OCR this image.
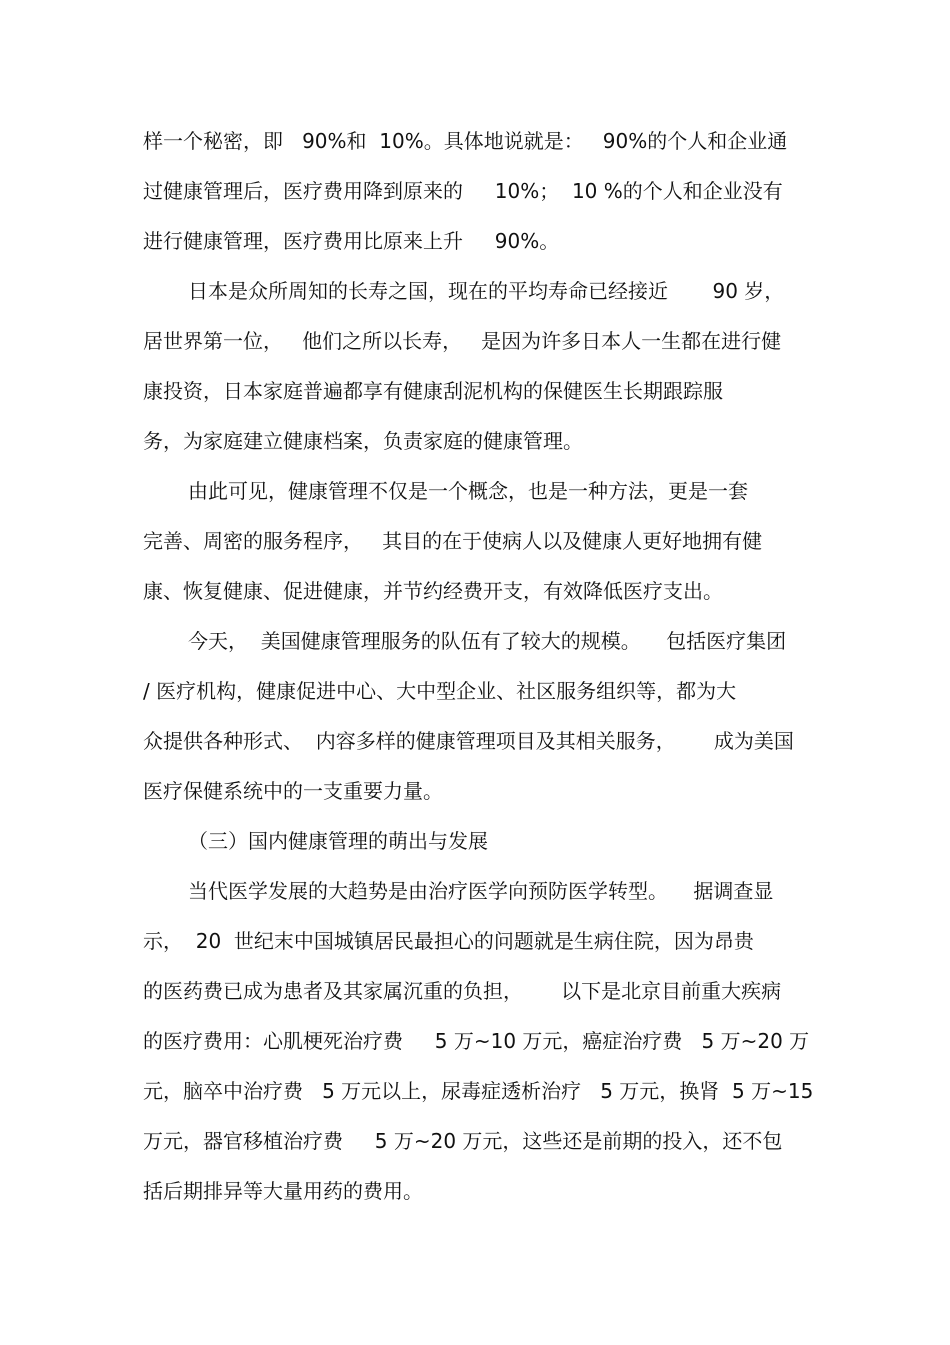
样一个秘密，即   90%和  10%。具体地说就是：   90%的个人和企业通
过健康管理后，医疗费用降到原来的     10%；  10 %的个人和企业没有
进行健康管理，医疗费用比原来上升     90%。
日本是众所周知的长寿之国，现在的平均寿命已经接近       90 岁，
居世界第一位，   他们之所以长寿，   是因为许多日本人一生都在进行健
康投资，日本家庭普遍都享有健康刮泥机构的保健医生长期跟踪服
务，为家庭建立健康档案，负责家庭的健康管理。
由此可见，健康管理不仅是一个概念，也是一种方法，更是一套
完善、周密的服务程序，   其目的在于使病人以及健康人更好地拥有健
康、恢复健康、促进健康，并节约经费开支，有效降低医疗支出。
今天，  美国健康管理服务的队伍有了较大的规模。    包括医疗集团
/ 医疗机构，健康促进中心、大中型企业、社区服务组织等，都为大
众提供各种形式、  内容多样的健康管理项目及其相关服务，      成为美国
医疗保健系统中的一支重要力量。
（三）国内健康管理的萌出与发展
当代医学发展的大趋势是由治疗医学向预防医学转型。    据调查显
示，  20  世纪末中国城镇居民最担心的问题就是生病住院，因为昂贵
的医药费已成为患者及其家属沉重的负担，      以下是北京目前重大疾病
的医疗费用：心肌梗死治疗费     5 万~10 万元，癌症治疗费   5 万~20 万
元，脑卒中治疗费   5 万元以上，尿毒症透析治疗   5 万元，换肾  5 万~15
万元，器官移植治疗费     5 万~20 万元，这些还是前期的投入，还不包
括后期排异等大量用药的费用。
